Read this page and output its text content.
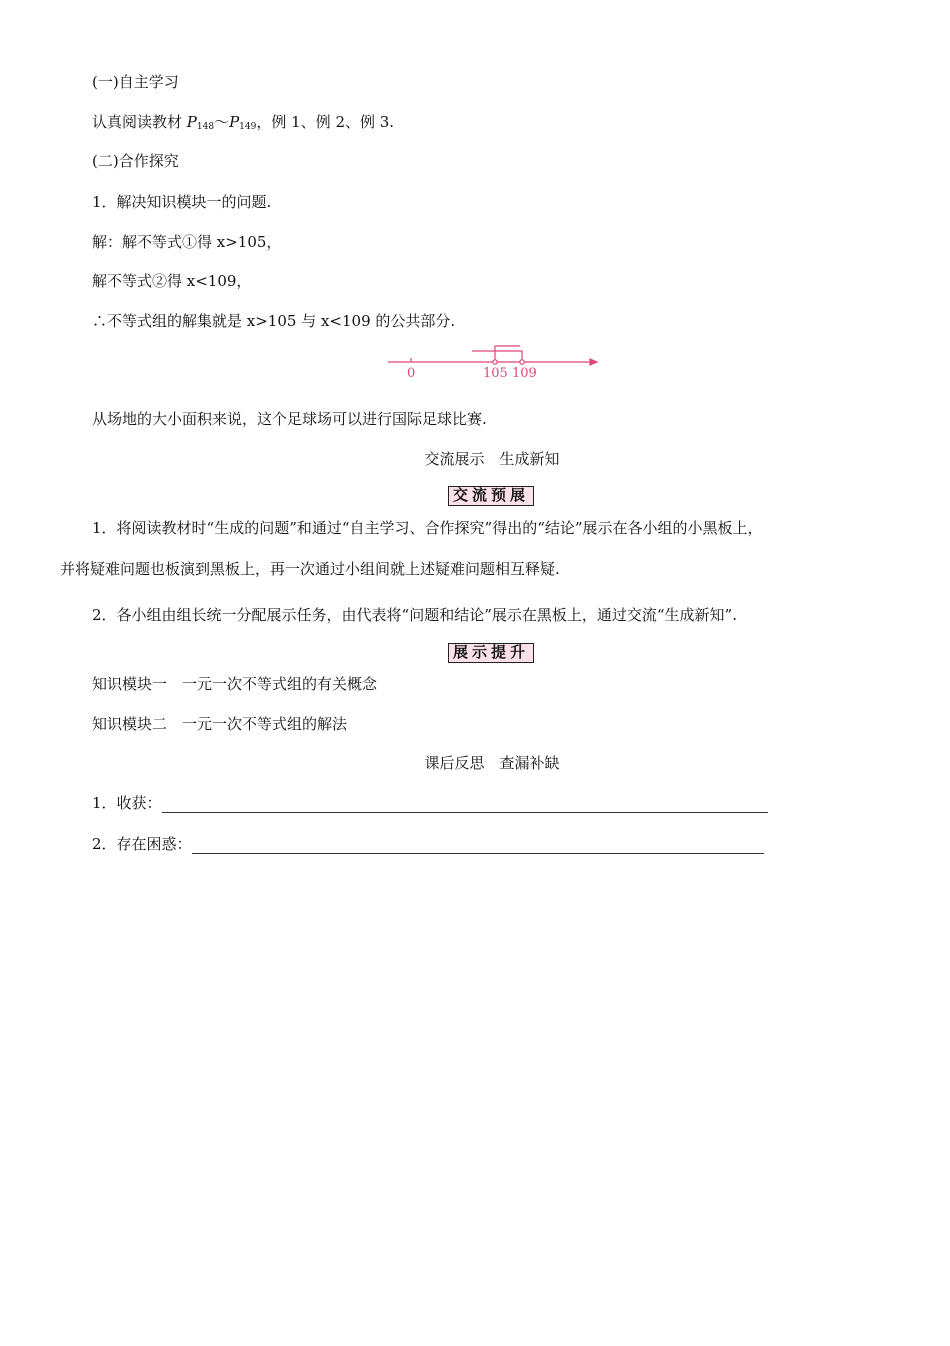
(一)自主学习
认真阅读教材 $P_{148}\sim P_{149}$，例 1、例 2、例 3.
(二)合作探究
1．解决知识模块一的问题.
解：解不等式①得 x>105，
解不等式②得 x<109，
∴不等式组的解集就是 x>105 与 x<109 的公共部分.
0	105 109
从场地的大小面积来说，这个足球场可以进行国际足球比赛.
交流展示　生成新知
交流预展
1．将阅读教材时“生成的问题”和通过“自主学习、合作探究”得出的“结论”展示在各小组的小黑板上，
并将疑难问题也板演到黑板上，再一次通过小组间就上述疑难问题相互释疑.
2．各小组由组长统一分配展示任务，由代表将“问题和结论”展示在黑板上，通过交流“生成新知”.
展示提升
知识模块一　一元一次不等式组的有关概念
知识模块二　一元一次不等式组的解法
课后反思　查漏补缺
1．收获：
2．存在困惑：
